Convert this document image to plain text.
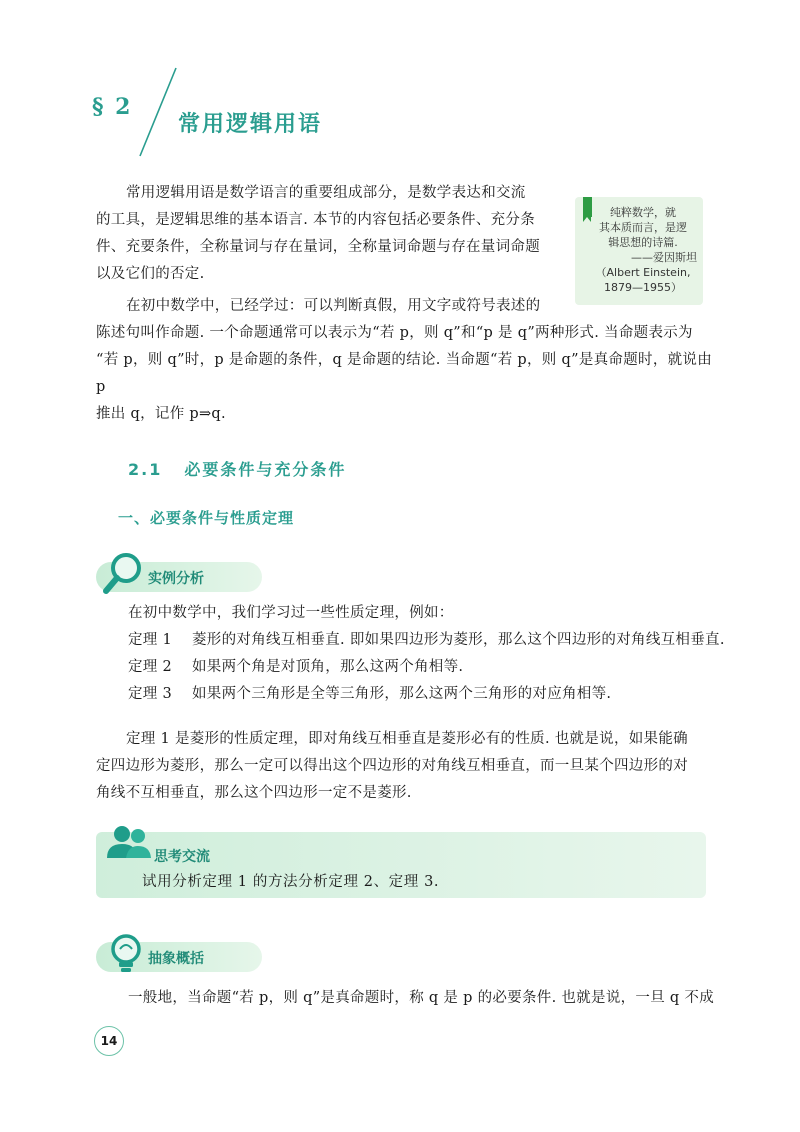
§ 2
常用逻辑用语
常用逻辑用语是数学语言的重要组成部分，是数学表达和交流
的工具，是逻辑思维的基本语言. 本节的内容包括必要条件、充分条
件、充要条件，全称量词与存在量词，全称量词命题与存在量词命题
以及它们的否定.
纯粹数学，就
其本质而言，是逻
辑思想的诗篇.
——爱因斯坦
（Albert Einstein,
1879—1955）
在初中数学中，已经学过：可以判断真假，用文字或符号表述的
陈述句叫作命题. 一个命题通常可以表示为“若 p，则 q”和“p 是 q”两种形式. 当命题表示为
“若 p，则 q”时，p 是命题的条件，q 是命题的结论. 当命题“若 p，则 q”是真命题时，就说由 p
推出 q，记作 p⇒q.
2.1 必要条件与充分条件
一、必要条件与性质定理
实例分析
在初中数学中，我们学习过一些性质定理，例如：
定理 1 菱形的对角线互相垂直. 即如果四边形为菱形，那么这个四边形的对角线互相垂直.
定理 2 如果两个角是对顶角，那么这两个角相等.
定理 3 如果两个三角形是全等三角形，那么这两个三角形的对应角相等.
定理 1 是菱形的性质定理，即对角线互相垂直是菱形必有的性质. 也就是说，如果能确
定四边形为菱形，那么一定可以得出这个四边形的对角线互相垂直，而一旦某个四边形的对
角线不互相垂直，那么这个四边形一定不是菱形.
思考交流
试用分析定理 1 的方法分析定理 2、定理 3.
抽象概括
一般地，当命题“若 p，则 q”是真命题时，称 q 是 p 的必要条件. 也就是说，一旦 q 不成
14
